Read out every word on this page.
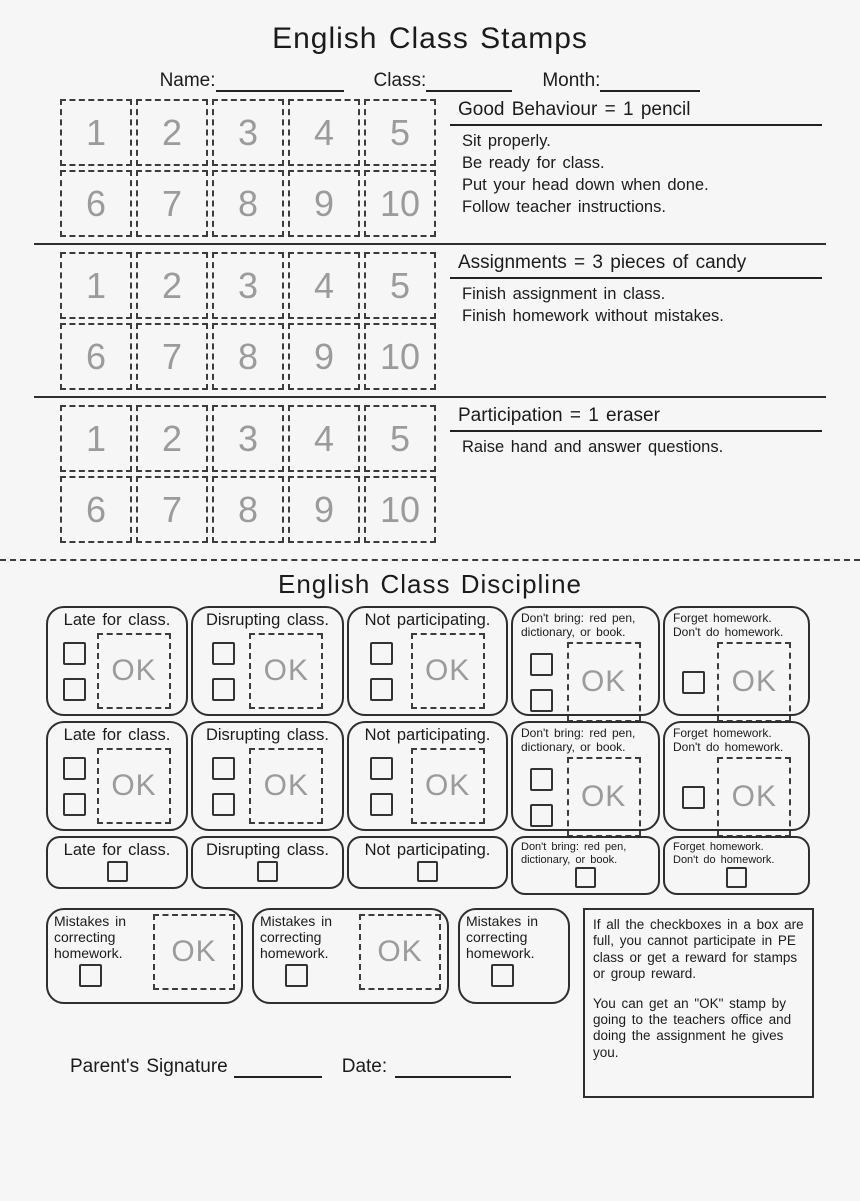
English Class Stamps
Name:	Class:	Month:
1	2	3	4	5
6	7	8	9	10
Good Behaviour = 1 pencil
Sit properly.
Be ready for class.
Put your head down when done.
Follow teacher instructions.
1	2	3	4	5
6	7	8	9	10
Assignments = 3 pieces of candy
Finish assignment in class.
Finish homework without mistakes.
1	2	3	4	5
6	7	8	9	10
Participation = 1 eraser
Raise hand and answer questions.
English Class Discipline
Late for class.
OK
Disrupting class.
OK
Not participating.
OK
Don't bring: red pen,
dictionary, or book.
OK
Forget homework.
Don't do homework.
OK
Late for class.
OK
Disrupting class.
OK
Not participating.
OK
Don't bring: red pen,
dictionary, or book.
OK
Forget homework.
Don't do homework.
OK
Late for class.	Disrupting class.	Not participating.	Don't bring: red pen,
dictionary, or book.
Forget homework.
Don't do homework.
Mistakes in
correcting
homework. OK
Mistakes in
correcting
homework. OK
Mistakes in
correcting
homework.
Parent's Signature	Date:
If all the checkboxes in a box are full, you cannot participate in PE class or get a reward for stamps or group reward.
You can get an "OK" stamp by going to the teachers office and doing the assignment he gives you.
